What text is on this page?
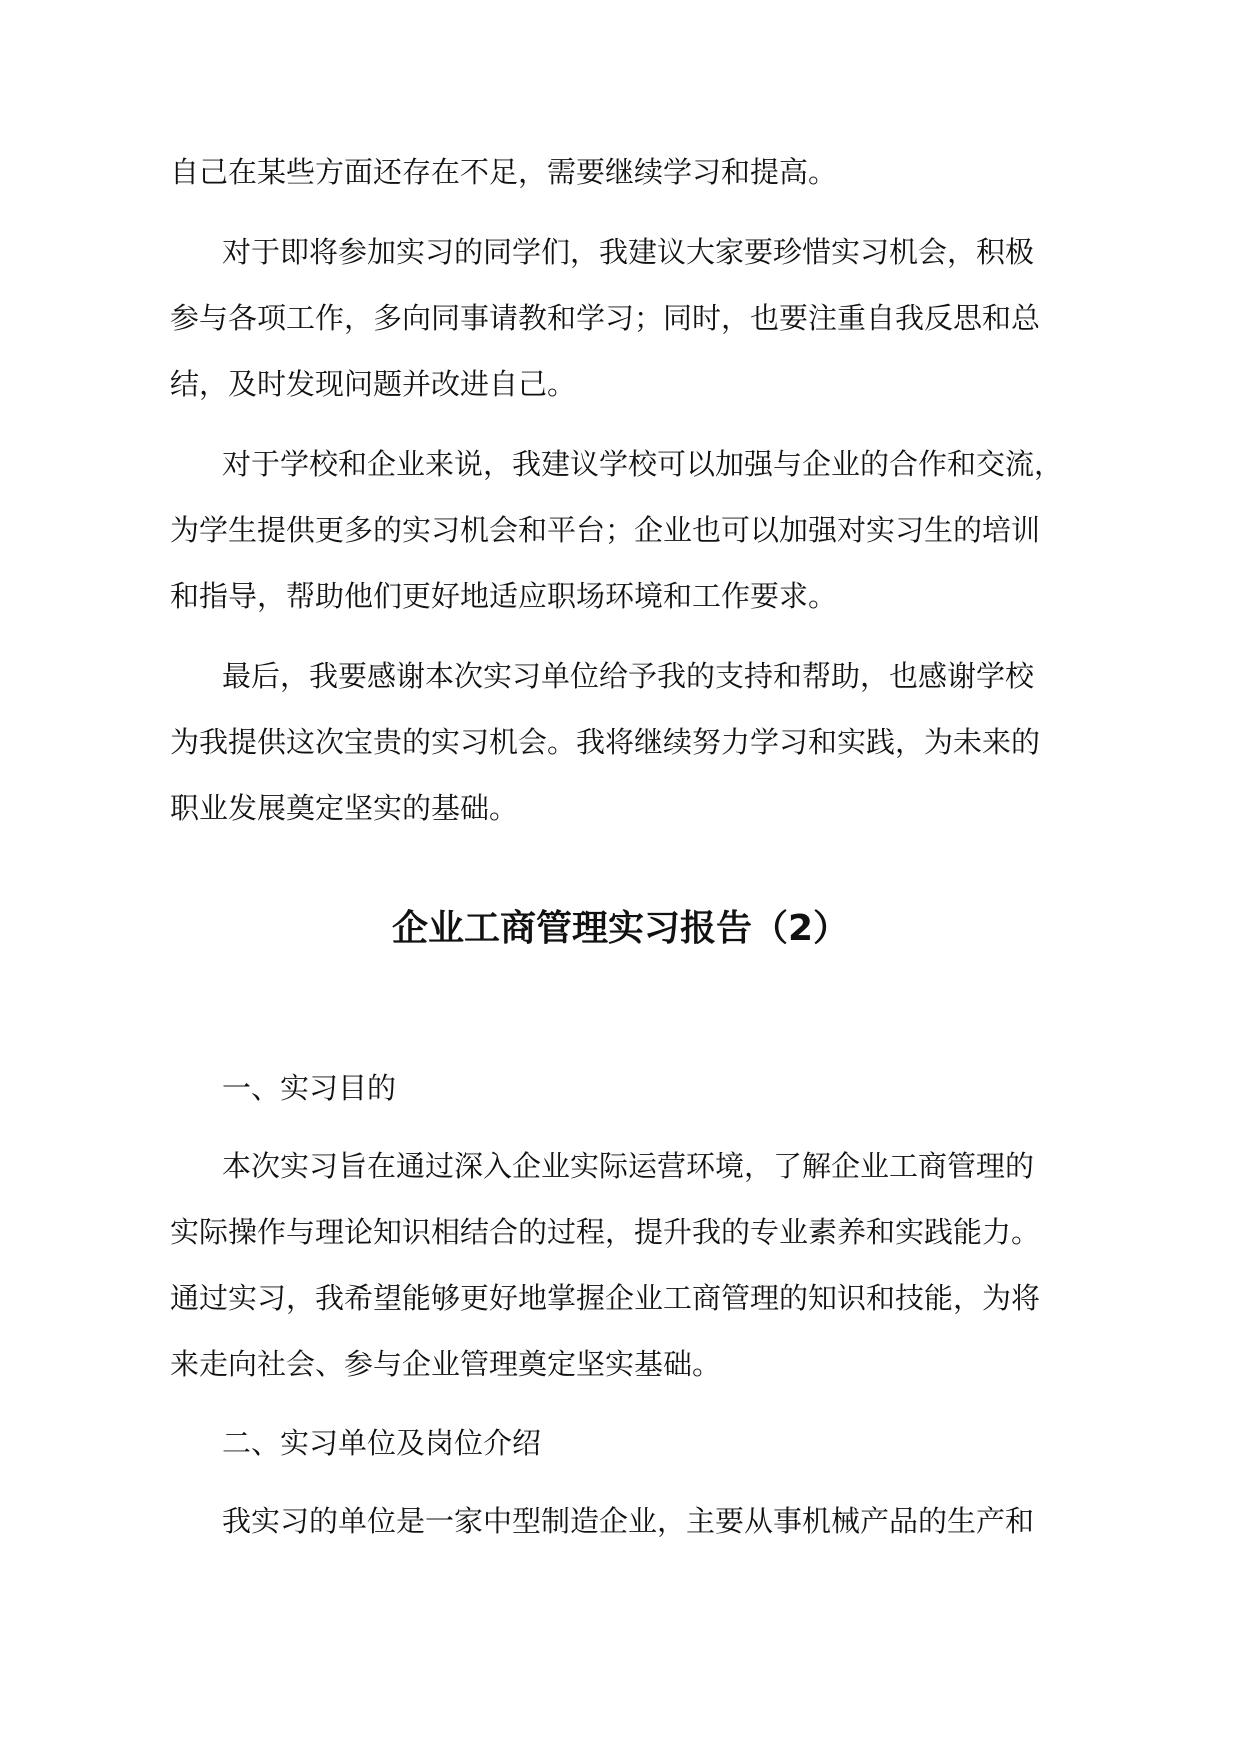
自己在某些方面还存在不足，需要继续学习和提高。
对于即将参加实习的同学们，我建议大家要珍惜实习机会，积极
参与各项工作，多向同事请教和学习；同时，也要注重自我反思和总
结，及时发现问题并改进自己。
对于学校和企业来说，我建议学校可以加强与企业的合作和交流，
为学生提供更多的实习机会和平台；企业也可以加强对实习生的培训
和指导，帮助他们更好地适应职场环境和工作要求。
最后，我要感谢本次实习单位给予我的支持和帮助，也感谢学校
为我提供这次宝贵的实习机会。我将继续努力学习和实践，为未来的
职业发展奠定坚实的基础。
企业工商管理实习报告（2）
一、实习目的
本次实习旨在通过深入企业实际运营环境，了解企业工商管理的
实际操作与理论知识相结合的过程，提升我的专业素养和实践能力。
通过实习，我希望能够更好地掌握企业工商管理的知识和技能，为将
来走向社会、参与企业管理奠定坚实基础。
二、实习单位及岗位介绍
我实习的单位是一家中型制造企业，主要从事机械产品的生产和
